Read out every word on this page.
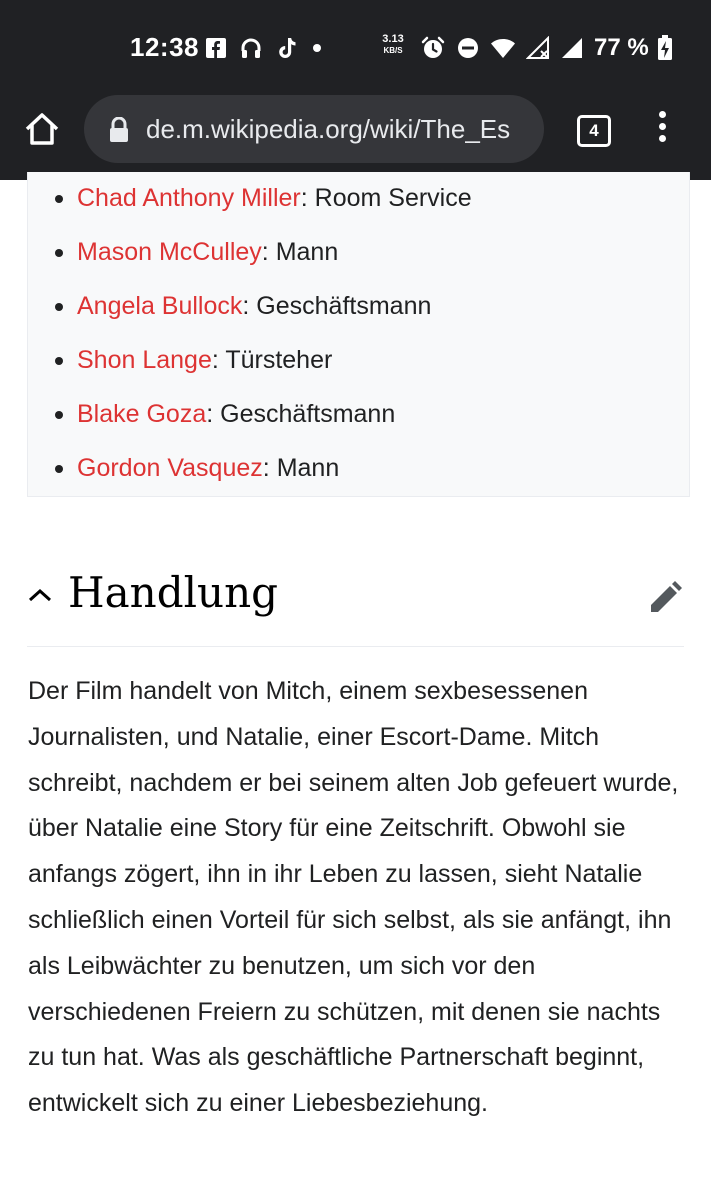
12:38	3.13
KB/S	77 %
de.m.wikipedia.org/wiki/The_Es	4
Chad Anthony Miller: Room Service
Mason McCulley: Mann
Angela Bullock: Geschäftsmann
Shon Lange: Türsteher
Blake Goza: Geschäftsmann
Gordon Vasquez: Mann
Handlung

Der Film handelt von Mitch, einem sexbesessenen Journalisten, und Natalie, einer Escort-Dame. Mitch schreibt, nachdem er bei seinem alten Job gefeuert wurde, über Natalie eine Story für eine Zeitschrift. Obwohl sie anfangs zögert, ihn in ihr Leben zu lassen, sieht Natalie schließlich einen Vorteil für sich selbst, als sie anfängt, ihn als Leibwächter zu benutzen, um sich vor den verschiedenen Freiern zu schützen, mit denen sie nachts zu tun hat. Was als geschäftliche Partnerschaft beginnt, entwickelt sich zu einer Liebesbeziehung.
